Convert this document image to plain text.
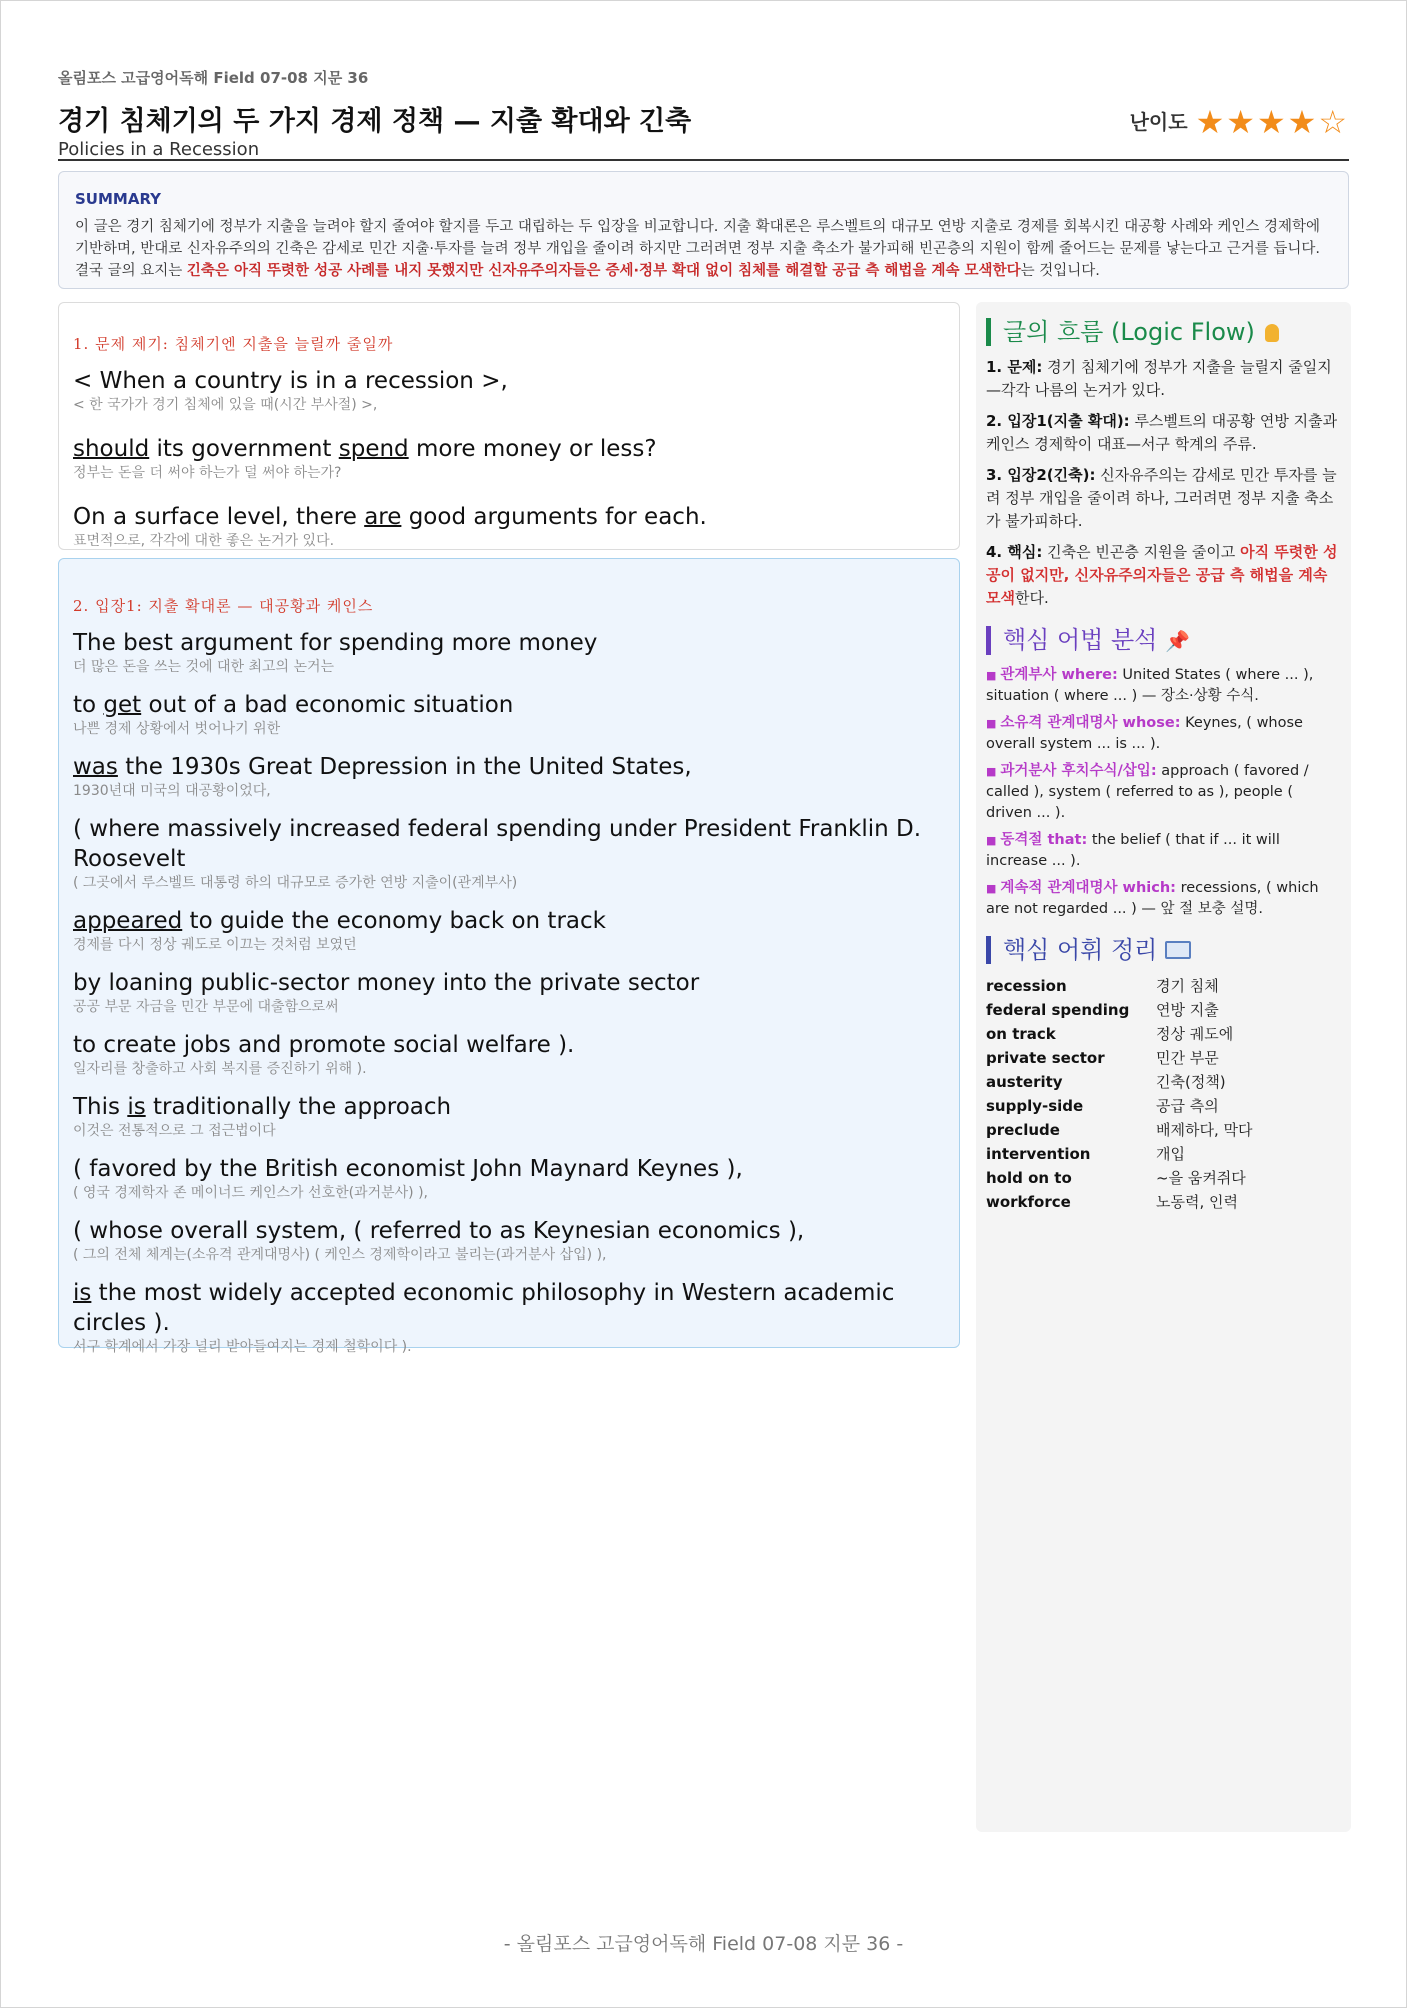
올림포스 고급영어독해 Field 07-08 지문 36
경기 침체기의 두 가지 경제 정책 — 지출 확대와 긴축
Policies in a Recession
난이도 ★★★★☆
SUMMARY
이 글은 경기 침체기에 정부가 지출을 늘려야 할지 줄여야 할지를 두고 대립하는 두 입장을 비교합니다. 지출 확대론은 루스벨트의 대규모 연방 지출로 경제를 회복시킨 대공황 사례와 케인스 경제학에 기반하며, 반대로 신자유주의의 긴축은 감세로 민간 지출·투자를 늘려 정부 개입을 줄이려 하지만 그러려면 정부 지출 축소가 불가피해 빈곤층의 지원이 함께 줄어드는 문제를 낳는다고 근거를 듭니다. 결국 글의 요지는 긴축은 아직 뚜렷한 성공 사례를 내지 못했지만 신자유주의자들은 증세·정부 확대 없이 침체를 해결할 공급 측 해법을 계속 모색한다는 것입니다.
1. 문제 제기: 침체기엔 지출을 늘릴까 줄일까
< When a country is in a recession >,
< 한 국가가 경기 침체에 있을 때(시간 부사절) >,
should its government spend more money or less?
정부는 돈을 더 써야 하는가 덜 써야 하는가?
On a surface level, there are good arguments for each.
표면적으로, 각각에 대한 좋은 논거가 있다.
2. 입장1: 지출 확대론 — 대공황과 케인스
The best argument for spending more money
더 많은 돈을 쓰는 것에 대한 최고의 논거는
to get out of a bad economic situation
나쁜 경제 상황에서 벗어나기 위한
was the 1930s Great Depression in the United States,
1930년대 미국의 대공황이었다,
( where massively increased federal spending under President Franklin D. Roosevelt
( 그곳에서 루스벨트 대통령 하의 대규모로 증가한 연방 지출이(관계부사)
appeared to guide the economy back on track
경제를 다시 정상 궤도로 이끄는 것처럼 보였던
by loaning public-sector money into the private sector
공공 부문 자금을 민간 부문에 대출함으로써
to create jobs and promote social welfare ).
일자리를 창출하고 사회 복지를 증진하기 위해 ).
This is traditionally the approach
이것은 전통적으로 그 접근법이다
( favored by the British economist John Maynard Keynes ),
( 영국 경제학자 존 메이너드 케인스가 선호한(과거분사) ),
( whose overall system, ( referred to as Keynesian economics ),
( 그의 전체 체계는(소유격 관계대명사) ( 케인스 경제학이라고 불리는(과거분사 삽입) ),
is the most widely accepted economic philosophy in Western academic circles ).
서구 학계에서 가장 널리 받아들여지는 경제 철학이다 ).
글의 흐름 (Logic Flow)
1. 문제: 경기 침체기에 정부가 지출을 늘릴지 줄일지—각각 나름의 논거가 있다.
2. 입장1(지출 확대): 루스벨트의 대공황 연방 지출과 케인스 경제학이 대표—서구 학계의 주류.
3. 입장2(긴축): 신자유주의는 감세로 민간 투자를 늘려 정부 개입을 줄이려 하나, 그러려면 정부 지출 축소가 불가피하다.
4. 핵심: 긴축은 빈곤층 지원을 줄이고 아직 뚜렷한 성공이 없지만, 신자유주의자들은 공급 측 해법을 계속 모색한다.
핵심 어법 분석 📌
■ 관계부사 where: United States ( where ... ), situation ( where ... ) — 장소·상황 수식.
■ 소유격 관계대명사 whose: Keynes, ( whose overall system ... is ... ).
■ 과거분사 후치수식/삽입: approach ( favored / called ), system ( referred to as ), people ( driven ... ).
■ 동격절 that: the belief ( that if ... it will increase ... ).
■ 계속적 관계대명사 which: recessions, ( which are not regarded ... ) — 앞 절 보충 설명.
핵심 어휘 정리
recession	경기 침체
federal spending	연방 지출
on track	정상 궤도에
private sector	민간 부문
austerity	긴축(정책)
supply-side	공급 측의
preclude	배제하다, 막다
intervention	개입
hold on to	~을 움켜쥐다
workforce	노동력, 인력
- 올림포스 고급영어독해 Field 07-08 지문 36 -
